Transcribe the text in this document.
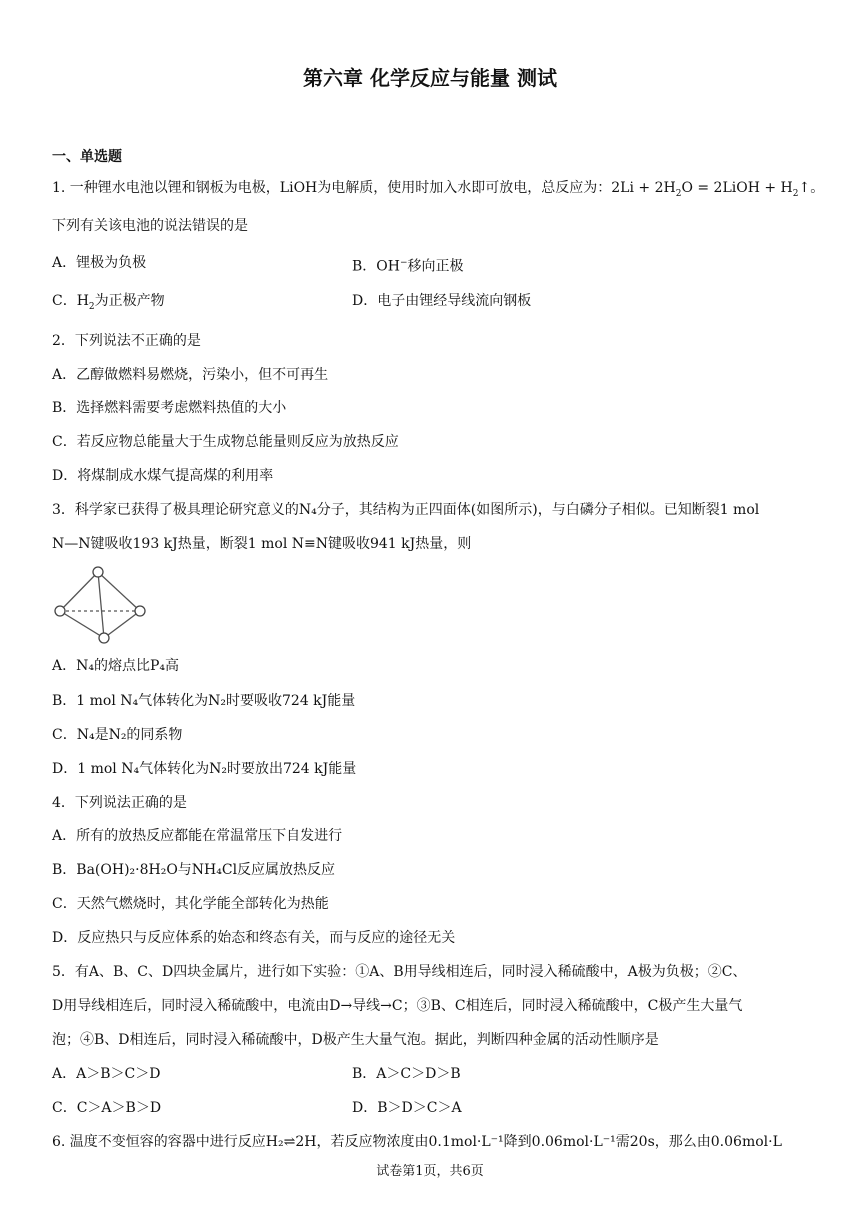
第六章 化学反应与能量 测试
一、单选题
1. 一种锂水电池以锂和钢板为电极，LiOH为电解质，使用时加入水即可放电，总反应为：$2Li + 2H_2O$ = 2LiOH + $H_2↑$。
下列有关该电池的说法错误的是
A．锂极为负极	B．OH−移向正极
C．$H_2$为正极产物	D．电子由锂经导线流向钢板
2．下列说法不正确的是
A．乙醇做燃料易燃烧，污染小，但不可再生
B．选择燃料需要考虑燃料热值的大小
C．若反应物总能量大于生成物总能量则反应为放热反应
D．将煤制成水煤气提高煤的利用率
3．科学家已获得了极具理论研究意义的N₄分子，其结构为正四面体(如图所示)，与白磷分子相似。已知断裂1 mol
N—N键吸收193 kJ热量，断裂1 mol N≡N键吸收941 kJ热量，则
A．N₄的熔点比P₄高
B．1 mol N₄气体转化为N₂时要吸收724 kJ能量
C．N₄是N₂的同系物
D．1 mol N₄气体转化为N₂时要放出724 kJ能量
4．下列说法正确的是
A．所有的放热反应都能在常温常压下自发进行
B．Ba(OH)₂·8H₂O与NH₄Cl反应属放热反应
C．天然气燃烧时，其化学能全部转化为热能
D．反应热只与反应体系的始态和终态有关，而与反应的途径无关
5．有A、B、C、D四块金属片，进行如下实验：①A、B用导线相连后，同时浸入稀硫酸中，A极为负极；②C、
D用导线相连后，同时浸入稀硫酸中，电流由D→导线→C；③B、C相连后，同时浸入稀硫酸中，C极产生大量气
泡；④B、D相连后，同时浸入稀硫酸中，D极产生大量气泡。据此，判断四种金属的活动性顺序是
A．A＞B＞C＞D	B．A＞C＞D＞B
C．C＞A＞B＞D	D．B＞D＞C＞A
6. 温度不变恒容的容器中进行反应H₂⇌2H，若反应物浓度由0.1mol·L⁻¹降到0.06mol·L⁻¹需20s，那么由0.06mol·L
试卷第1页，共6页
